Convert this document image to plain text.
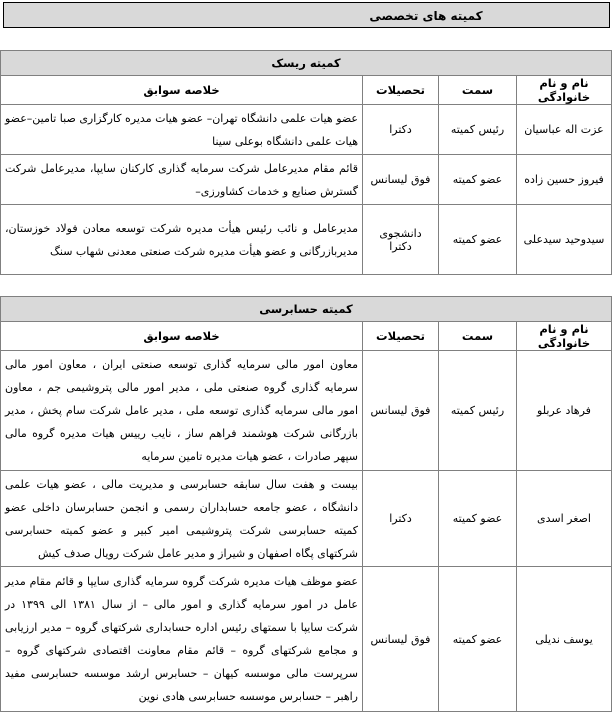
کمیته های تخصصی
کمیته ریسک			
نام و نام خانوادگی	سمت	تحصیلات	خلاصه سوابق
عزت اله عباسیان	رئیس کمیته	دکترا	عضو هیات علمی دانشگاه تهران– عضو هیات مدیره کارگزاری صبا تامین–عضو هیات علمی دانشگاه بوعلی سینا
فیروز حسین زاده	عضو کمیته	فوق لیسانس	قائم مقام مدیرعامل شرکت سرمایه گذاری کارکنان سایپا، مدیرعامل شرکت گسترش صنایع و خدمات کشاورزی–
سیدوحید سیدعلی	عضو کمیته	دانشجوی دکترا	مدیرعامل و نائب رئیس هیأت مدیره شرکت توسعه معادن فولاد خوزستان، مدیربازرگانی و عضو هیأت مدیره شرکت صنعتی معدنی شهاب سنگ
کمیته حسابرسی			
نام و نام خانوادگی	سمت	تحصیلات	خلاصه سوابق
فرهاد عربلو	رئیس کمیته	فوق لیسانس	معاون امور مالی سرمایه گذاری توسعه صنعتی ایران ، معاون امور مالی سرمایه گذاری گروه صنعتی ملی ، مدیر امور مالی پتروشیمی جم ، معاون امور مالی سرمایه گذاری توسعه ملی ، مدیر عامل شرکت سام پخش ، مدیر بازرگانی شرکت هوشمند فراهم ساز ، نایب رییس هیات مدیره گروه مالی سپهر صادرات ، عضو هیات مدیره تامین سرمایه
اصغر اسدی	عضو کمیته	دکترا	بیست و هفت سال سابقه حسابرسی و مدیریت مالی ، عضو هیات علمی دانشگاه ، عضو جامعه حسابداران رسمی و انجمن حسابرسان داخلی عضو کمیته حسابرسی شرکت پتروشیمی امیر کبیر و عضو کمیته حسابرسی شرکتهای پگاه اصفهان و شیراز و مدیر عامل شرکت رویال صدف کیش
یوسف ندیلی	عضو کمیته	فوق لیسانس	عضو موظف هیات مدیره شرکت گروه سرمایه گذاری سایپا و قائم مقام مدیر عامل در امور سرمایه گذاری و امور مالی – از سال ۱۳۸۱ الی ۱۳۹۹ در شرکت سایپا با سمتهای رئیس اداره حسابداری شرکتهای گروه – مدیر ارزیابی و مجامع شرکتهای گروه – قائم مقام معاونت اقتصادی شرکتهای گروه – سرپرست مالی موسسه کیهان – حسابرس ارشد موسسه حسابرسی مفید راهبر – حسابرس موسسه حسابرسی هادی نوین
